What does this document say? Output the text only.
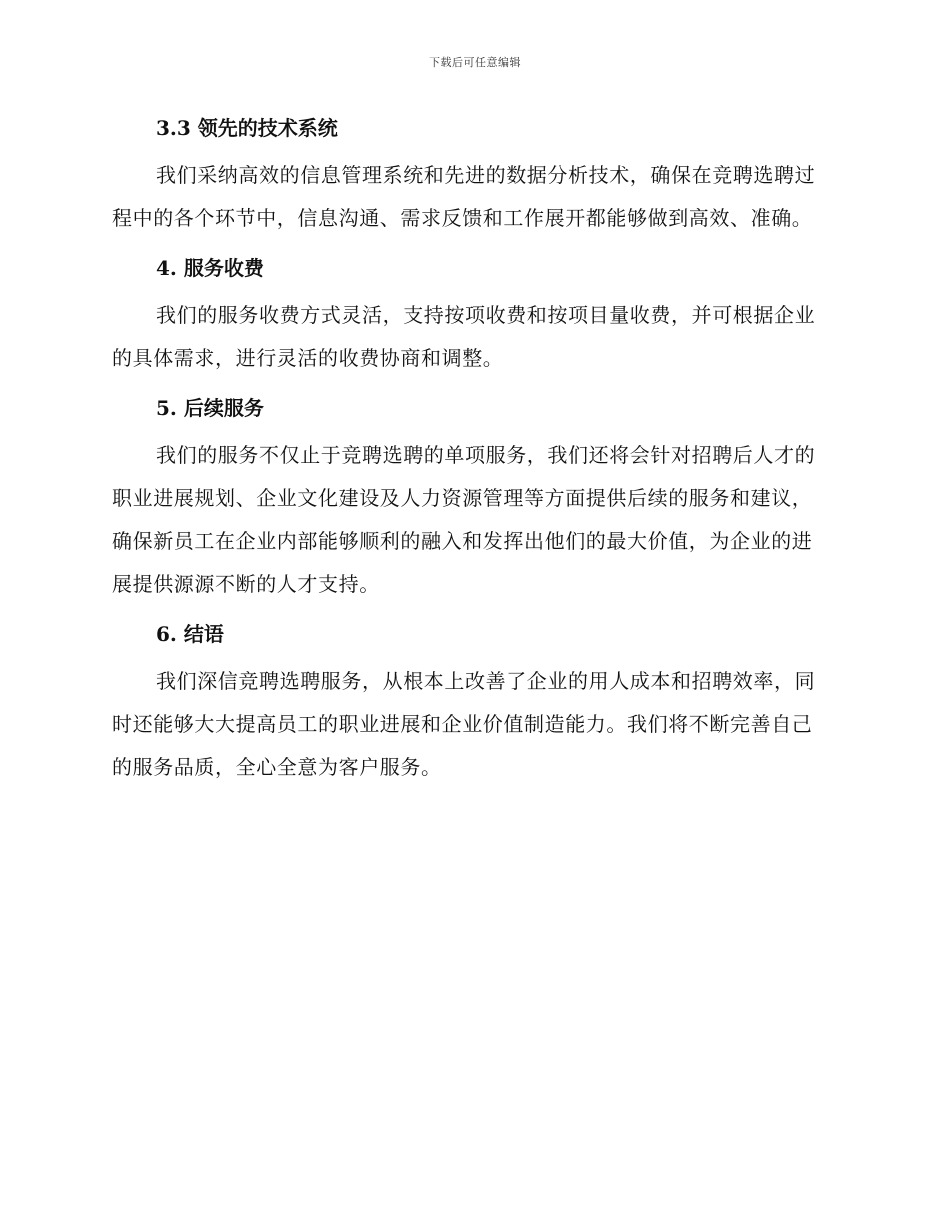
下载后可任意编辑
3.3 领先的技术系统

我们采纳高效的信息管理系统和先进的数据分析技术，确保在竞聘选聘过程中的各个环节中，信息沟通、需求反馈和工作展开都能够做到高效、准确。

4. 服务收费

我们的服务收费方式灵活，支持按项收费和按项目量收费，并可根据企业的具体需求，进行灵活的收费协商和调整。

5. 后续服务

我们的服务不仅止于竞聘选聘的单项服务，我们还将会针对招聘后人才的职业进展规划、企业文化建设及人力资源管理等方面提供后续的服务和建议，确保新员工在企业内部能够顺利的融入和发挥出他们的最大价值，为企业的进展提供源源不断的人才支持。

6. 结语

我们深信竞聘选聘服务，从根本上改善了企业的用人成本和招聘效率，同时还能够大大提高员工的职业进展和企业价值制造能力。我们将不断完善自己的服务品质，全心全意为客户服务。
